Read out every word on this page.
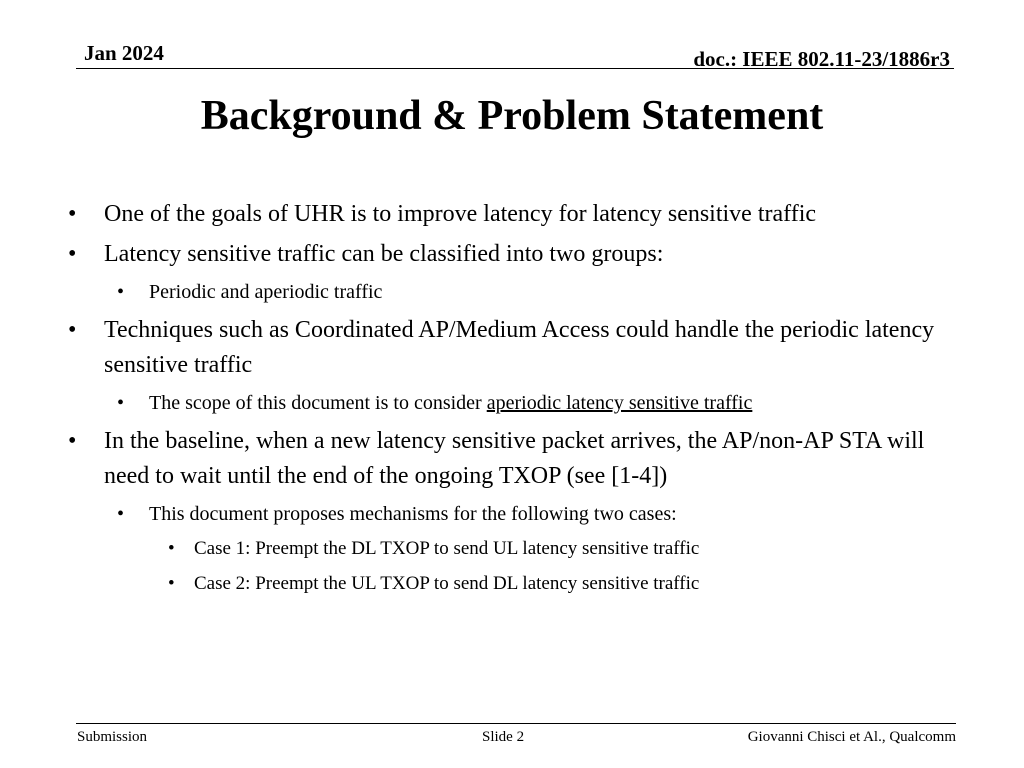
Jan 2024	doc.: IEEE 802.11-23/1886r3
Background & Problem Statement
• One of the goals of UHR is to improve latency for latency sensitive traffic
• Latency sensitive traffic can be classified into two groups:
• Periodic and aperiodic traffic
• Techniques such as Coordinated AP/Medium Access could handle the periodic latency sensitive traffic
• The scope of this document is to consider aperiodic latency sensitive traffic
• In the baseline, when a new latency sensitive packet arrives, the AP/non-AP STA will need to wait until the end of the ongoing TXOP (see [1-4])
• This document proposes mechanisms for the following two cases:
• Case 1: Preempt the DL TXOP to send UL latency sensitive traffic
• Case 2: Preempt the UL TXOP to send DL latency sensitive traffic
Submission	Slide 2	Giovanni Chisci et Al., Qualcomm
